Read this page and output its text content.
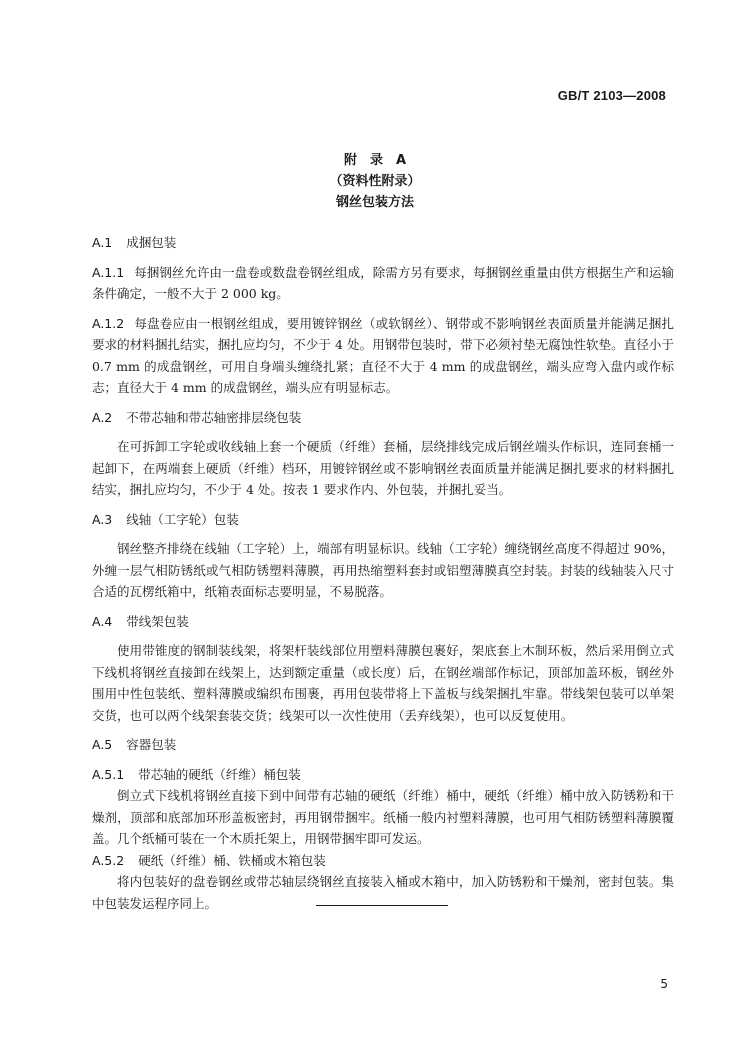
GB/T 2103—2008
附　录　A
（资料性附录）
钢丝包装方法
A.1 成捆包装

A.1.1 每捆钢丝允许由一盘卷或数盘卷钢丝组成，除需方另有要求，每捆钢丝重量由供方根据生产和运输条件确定，一般不大于 2 000 kg。

A.1.2 每盘卷应由一根钢丝组成，要用镀锌钢丝（或软钢丝）、钢带或不影响钢丝表面质量并能满足捆扎要求的材料捆扎结实，捆扎应均匀，不少于 4 处。用钢带包装时，带下必须衬垫无腐蚀性软垫。直径小于 0.7 mm 的成盘钢丝，可用自身端头缠绕扎紧；直径不大于 4 mm 的成盘钢丝，端头应弯入盘内或作标志；直径大于 4 mm 的成盘钢丝，端头应有明显标志。

A.2 不带芯轴和带芯轴密排层绕包装

在可拆卸工字轮或收线轴上套一个硬质（纤维）套桶，层绕排线完成后钢丝端头作标识，连同套桶一起卸下，在两端套上硬质（纤维）档环，用镀锌钢丝或不影响钢丝表面质量并能满足捆扎要求的材料捆扎结实，捆扎应均匀，不少于 4 处。按表 1 要求作内、外包装，并捆扎妥当。

A.3 线轴（工字轮）包装

钢丝整齐排绕在线轴（工字轮）上，端部有明显标识。线轴（工字轮）缠绕钢丝高度不得超过 90%，外缠一层气相防锈纸或气相防锈塑料薄膜，再用热缩塑料套封或铝塑薄膜真空封装。封装的线轴装入尺寸合适的瓦楞纸箱中，纸箱表面标志要明显，不易脱落。

A.4 带线架包装

使用带锥度的钢制装线架，将架杆装线部位用塑料薄膜包裹好，架底套上木制环板，然后采用倒立式下线机将钢丝直接卸在线架上，达到额定重量（或长度）后，在钢丝端部作标记，顶部加盖环板，钢丝外围用中性包装纸、塑料薄膜或编织布围裹，再用包装带将上下盖板与线架捆扎牢靠。带线架包装可以单架交货，也可以两个线架套装交货；线架可以一次性使用（丢弃线架），也可以反复使用。

A.5 容器包装
A.5.1 带芯轴的硬纸（纤维）桶包装

倒立式下线机将钢丝直接下到中间带有芯轴的硬纸（纤维）桶中，硬纸（纤维）桶中放入防锈粉和干燥剂，顶部和底部加环形盖板密封，再用钢带捆牢。纸桶一般内衬塑料薄膜，也可用气相防锈塑料薄膜覆盖。几个纸桶可装在一个木质托架上，用钢带捆牢即可发运。

A.5.2 硬纸（纤维）桶、铁桶或木箱包装

将内包装好的盘卷钢丝或带芯轴层绕钢丝直接装入桶或木箱中，加入防锈粉和干燥剂，密封包装。集中包装发运程序同上。

5
